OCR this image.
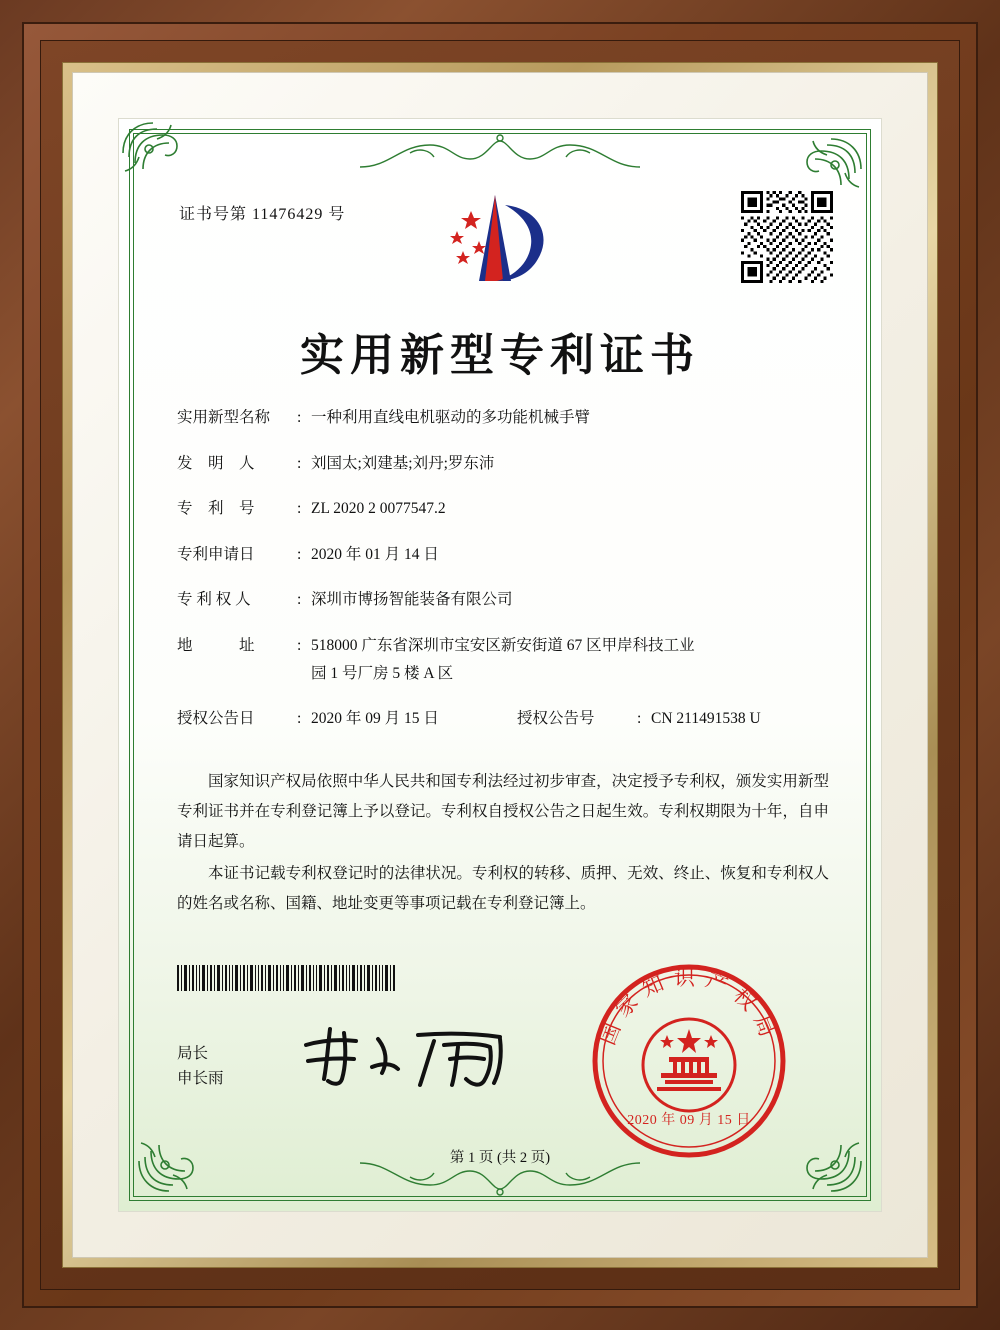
证书号第 11476429 号
实用新型专利证书
实用新型名称	: 一种利用直线电机驱动的多功能机械手臂
发　明　人	: 刘国太;刘建基;刘丹;罗东沛
专　利　号	: ZL 2020 2 0077547.2
专利申请日	: 2020 年 01 月 14 日
专 利 权 人	: 深圳市博扬智能装备有限公司
地　　　址	: 518000 广东省深圳市宝安区新安街道 67 区甲岸科技工业
园 1 号厂房 5 楼 A 区
授权公告日	: 2020 年 09 月 15 日	授权公告号	: CN 211491538 U

国家知识产权局依照中华人民共和国专利法经过初步审查，决定授予专利权，颁发实用新型专利证书并在专利登记簿上予以登记。专利权自授权公告之日起生效。专利权期限为十年，自申请日起算。

本证书记载专利权登记时的法律状况。专利权的转移、质押、无效、终止、恢复和专利权人的姓名或名称、国籍、地址变更等事项记载在专利登记簿上。

局长
申长雨
国家知识产权局
2020 年 09 月 15 日
第 1 页 (共 2 页)
